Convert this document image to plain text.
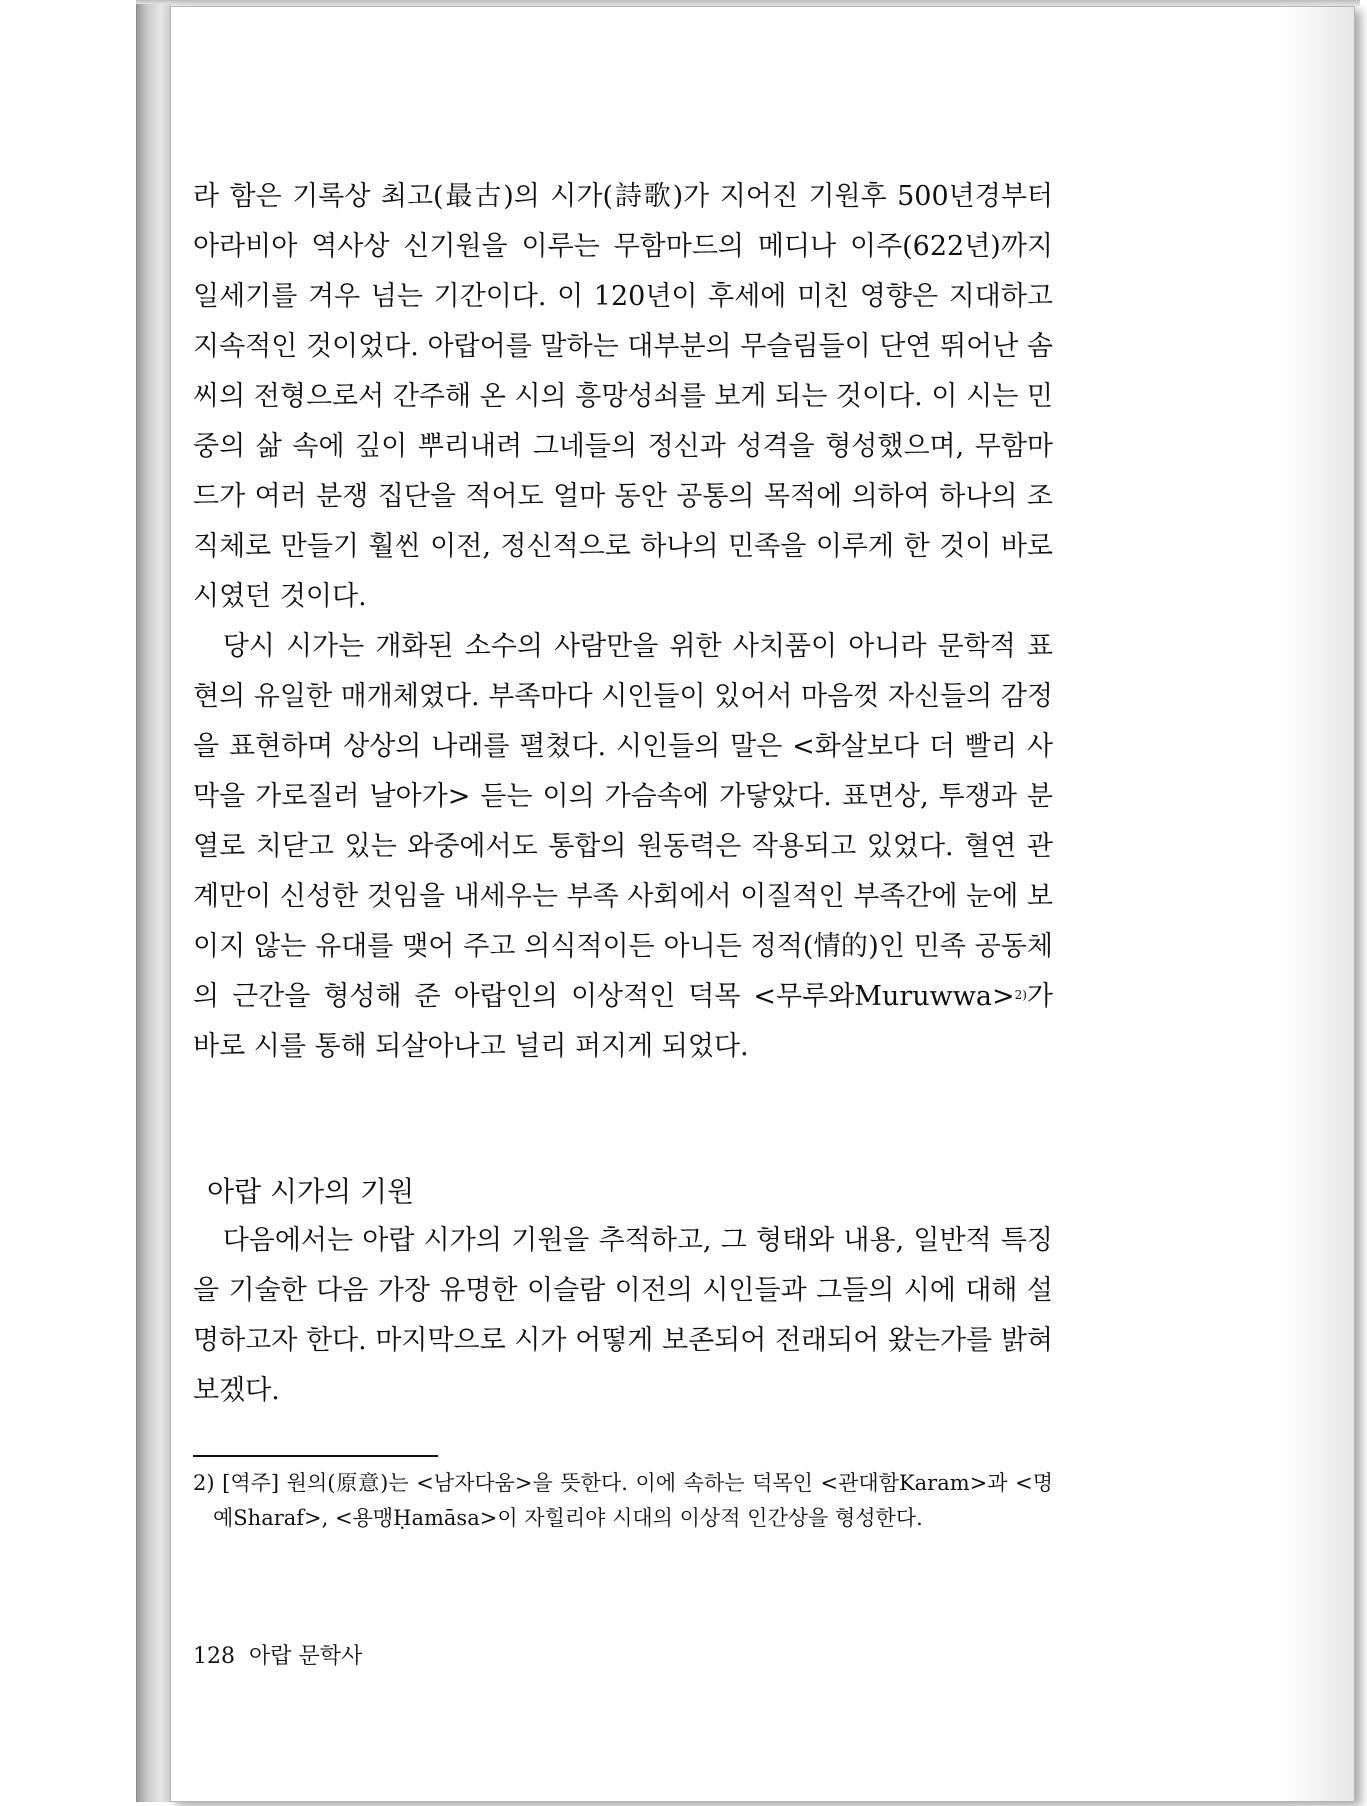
라 함은 기록상 최고(最古)의 시가(詩歌)가 지어진 기원후 500년경부터 아라비아 역사상 신기원을 이루는 무함마드의 메디나 이주(622년)까지 일세기를 겨우 넘는 기간이다. 이 120년이 후세에 미친 영향은 지대하고 지속적인 것이었다. 아랍어를 말하는 대부분의 무슬림들이 단연 뛰어난 솜씨의 전형으로서 간주해 온 시의 흥망성쇠를 보게 되는 것이다. 이 시는 민중의 삶 속에 깊이 뿌리내려 그네들의 정신과 성격을 형성했으며, 무함마드가 여러 분쟁 집단을 적어도 얼마 동안 공통의 목적에 의하여 하나의 조직체로 만들기 훨씬 이전, 정신적으로 하나의 민족을 이루게 한 것이 바로 시였던 것이다.

당시 시가는 개화된 소수의 사람만을 위한 사치품이 아니라 문학적 표현의 유일한 매개체였다. 부족마다 시인들이 있어서 마음껏 자신들의 감정을 표현하며 상상의 나래를 펼쳤다. 시인들의 말은 <화살보다 더 빨리 사막을 가로질러 날아가> 듣는 이의 가슴속에 가닿았다. 표면상, 투쟁과 분열로 치닫고 있는 와중에서도 통합의 원동력은 작용되고 있었다. 혈연 관계만이 신성한 것임을 내세우는 부족 사회에서 이질적인 부족간에 눈에 보이지 않는 유대를 맺어 주고 의식적이든 아니든 정적(情的)인 민족 공동체의 근간을 형성해 준 아랍인의 이상적인 덕목 <무루와Muruwwa>$^{2)}$가 바로 시를 통해 되살아나고 널리 퍼지게 되었다.

아랍 시가의 기원

다음에서는 아랍 시가의 기원을 추적하고, 그 형태와 내용, 일반적 특징을 기술한 다음 가장 유명한 이슬람 이전의 시인들과 그들의 시에 대해 설명하고자 한다. 마지막으로 시가 어떻게 보존되어 전래되어 왔는가를 밝혀보겠다.

2) [역주] 원의(原意)는 <남자다움>을 뜻한다. 이에 속하는 덕목인 <관대함Karam>과 <명예Sharaf>, <용맹Ḥamāsa>이 자힐리야 시대의 이상적 인간상을 형성한다.
128 아랍 문학사
